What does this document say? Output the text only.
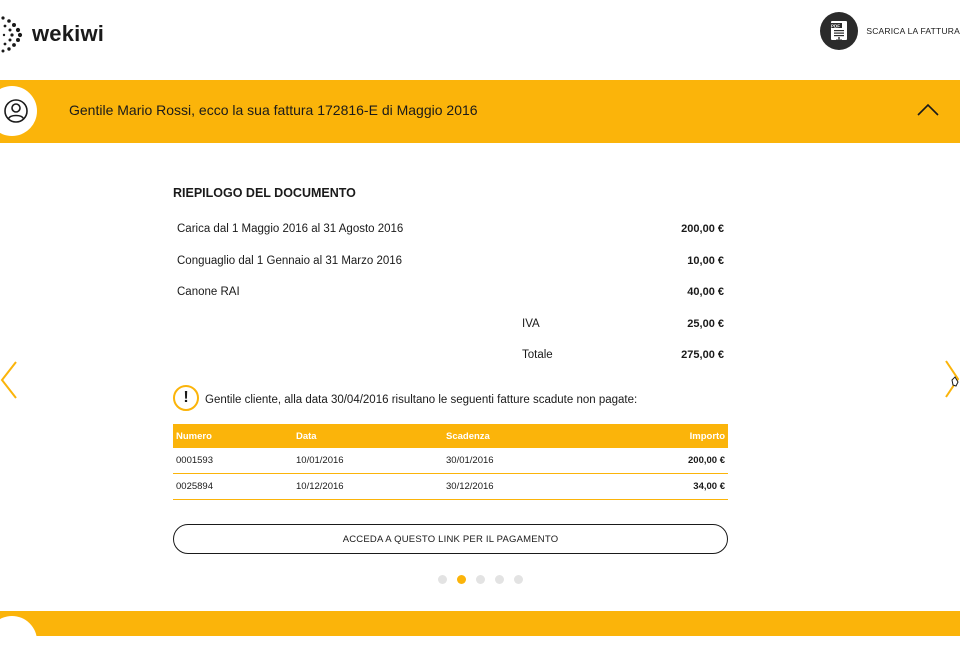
wekiwi	PDF
SCARICA LA FATTURA
Gentile Mario Rossi, ecco la sua fattura 172816-E di Maggio 2016
RIEPILOGO DEL DOCUMENTO
Carica dal 1 Maggio 2016 al 31 Agosto 2016	200,00 €
Conguaglio dal 1 Gennaio al 31 Marzo 2016	10,00 €
Canone RAI	40,00 €
IVA	25,00 €
Totale	275,00 €
!	Gentile cliente, alla data 30/04/2016 risultano le seguenti fatture scadute non pagate:
Numero	Data	Scadenza	Importo
0001593	10/01/2016	30/01/2016	200,00 €
0025894	10/12/2016	30/12/2016	34,00 €
ACCEDA A QUESTO LINK PER IL PAGAMENTO
